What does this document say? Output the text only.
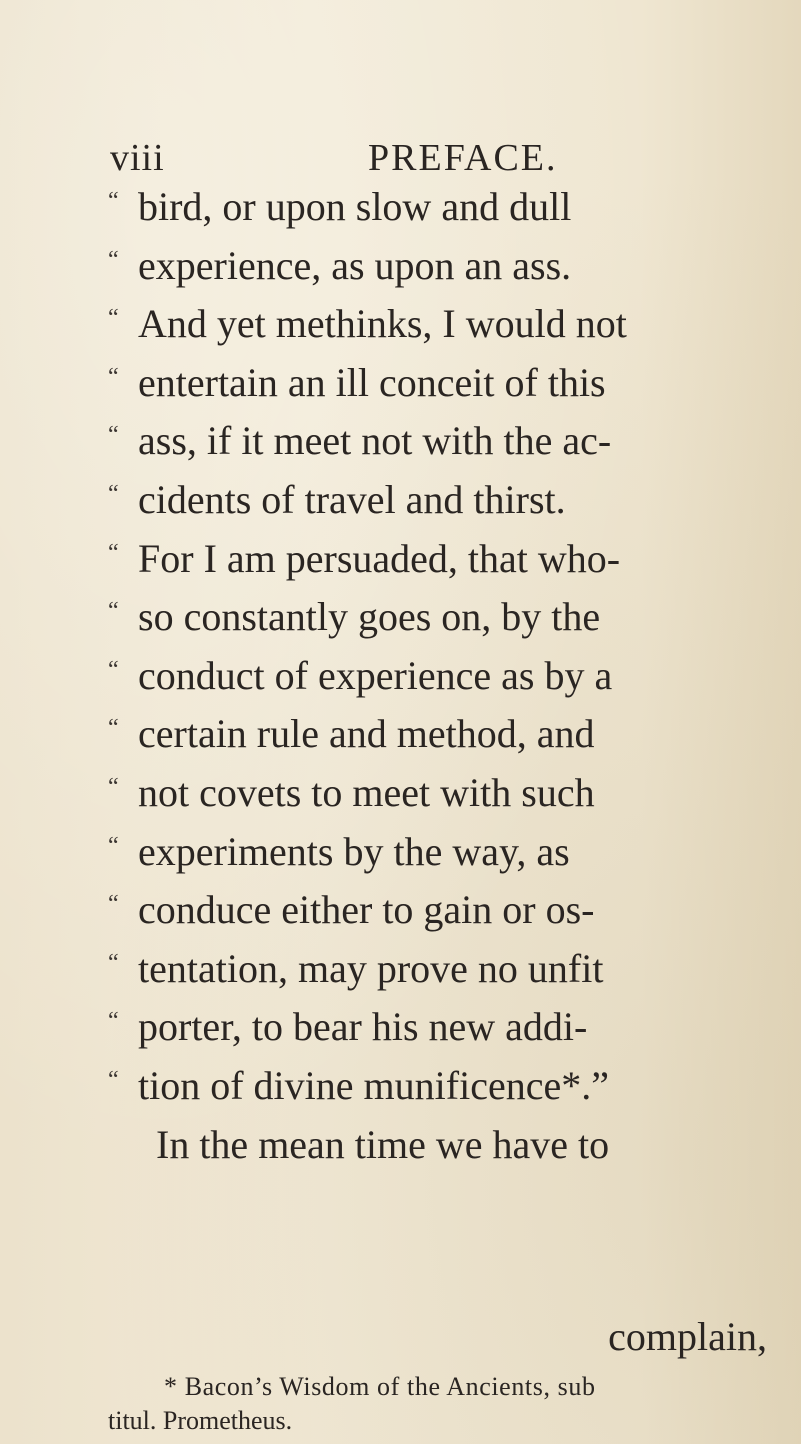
viii	PREFACE.
“ bird, or upon slow and dull
“ experience, as upon an ass.
“ And yet methinks, I would not
“ entertain an ill conceit of this
“ ass, if it meet not with the ac-
“ cidents of travel and thirst.
“ For I am persuaded, that who-
“ so constantly goes on, by the
“ conduct of experience as by a
“ certain rule and method, and
“ not covets to meet with such
“ experiments by the way, as
“ conduce either to gain or os-
“ tentation, may prove no unfit
“ porter, to bear his new addi-
“ tion of divine munificence*.”
In the mean time we have to
complain,
* Bacon’s Wisdom of the Ancients, sub
titul. Prometheus.
